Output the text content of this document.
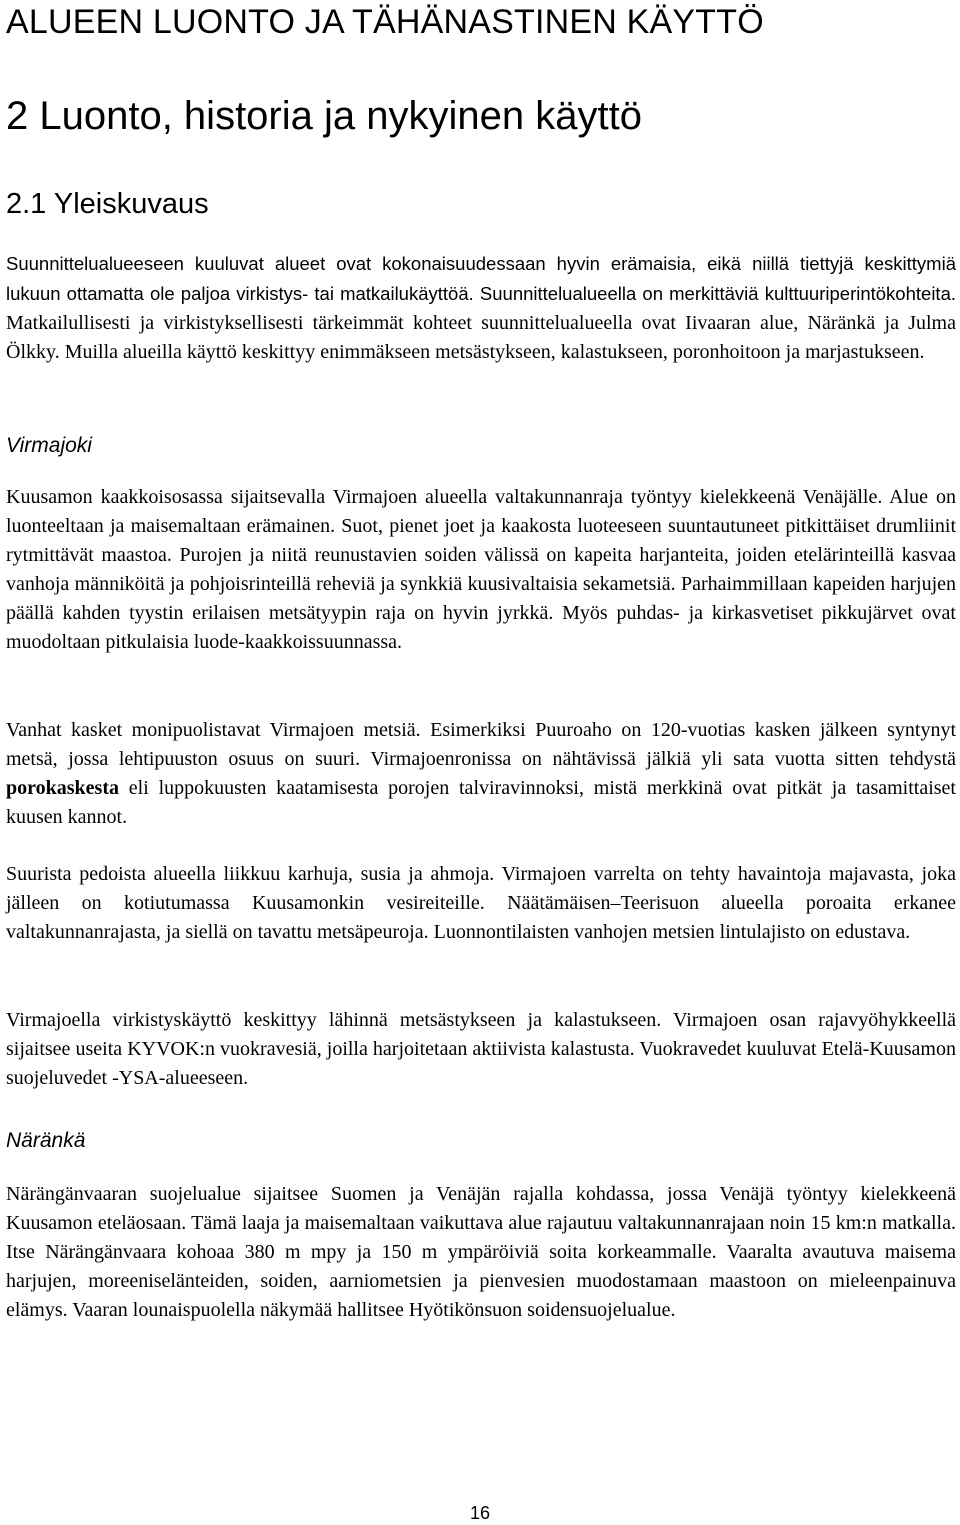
ALUEEN LUONTO JA TÄHÄNASTINEN KÄYTTÖ
2 Luonto, historia ja nykyinen käyttö
2.1 Yleiskuvaus

Suunnittelualueeseen kuuluvat alueet ovat kokonaisuudessaan hyvin erämaisia, eikä niillä tiettyjä keskittymiä lukuun ottamatta ole paljoa virkistys- tai matkailukäyttöä. Suunnittelualueella on merkittäviä kulttuuriperintökohteita. Matkailullisesti ja virkistyksellisesti tärkeimmät kohteet suunnittelualueella ovat Iivaaran alue, Näränkä ja Julma Ölkky. Muilla alueilla käyttö keskittyy enimmäkseen metsästykseen, kalastukseen, poronhoitoon ja marjastukseen.

Virmajoki

Kuusamon kaakkoisosassa sijaitsevalla Virmajoen alueella valtakunnanraja työntyy kielekkeenä Venäjälle. Alue on luonteeltaan ja maisemaltaan erämainen. Suot, pienet joet ja kaakosta luoteeseen suuntautuneet pitkittäiset drumliinit rytmittävät maastoa. Purojen ja niitä reunustavien soiden välissä on kapeita harjanteita, joiden etelärinteillä kasvaa vanhoja männiköitä ja pohjoisrinteillä reheviä ja synkkiä kuusivaltaisia sekametsiä. Parhaimmillaan kapeiden harjujen päällä kahden tyystin erilaisen metsätyypin raja on hyvin jyrkkä. Myös puhdas- ja kirkasvetiset pikkujärvet ovat muodoltaan pitkulaisia luode-kaakkoissuunnassa.

Vanhat kasket monipuolistavat Virmajoen metsiä. Esimerkiksi Puuroaho on 120-vuotias kasken jälkeen syntynyt metsä, jossa lehtipuuston osuus on suuri. Virmajoenronissa on nähtävissä jälkiä yli sata vuotta sitten tehdystä porokaskesta eli luppokuusten kaatamisesta porojen talviravinnoksi, mistä merkkinä ovat pitkät ja tasamittaiset kuusen kannot.

Suurista pedoista alueella liikkuu karhuja, susia ja ahmoja. Virmajoen varrelta on tehty havaintoja majavasta, joka jälleen on kotiutumassa Kuusamonkin vesireiteille. Näätämäisen–Teerisuon alueella poroaita erkanee valtakunnanrajasta, ja siellä on tavattu metsäpeuroja. Luonnontilaisten vanhojen metsien lintulajisto on edustava.

Virmajoella virkistyskäyttö keskittyy lähinnä metsästykseen ja kalastukseen. Virmajoen osan rajavyöhykkeellä sijaitsee useita KYVOK:n vuokravesiä, joilla harjoitetaan aktiivista kalastusta. Vuokravedet kuuluvat Etelä-Kuusamon suojeluvedet -YSA-alueeseen.

Näränkä

Närängänvaaran suojelualue sijaitsee Suomen ja Venäjän rajalla kohdassa, jossa Venäjä työntyy kielekkeenä Kuusamon eteläosaan. Tämä laaja ja maisemaltaan vaikuttava alue rajautuu valtakunnanrajaan noin 15 km:n matkalla. Itse Närängänvaara kohoaa 380 m mpy ja 150 m ympäröiviä soita korkeammalle. Vaaralta avautuva maisema harjujen, moreeniselänteiden, soiden, aarniometsien ja pienvesien muodostamaan maastoon on mieleenpainuva elämys. Vaaran lounaispuolella näkymää hallitsee Hyötikönsuon soidensuojelualue.

16
